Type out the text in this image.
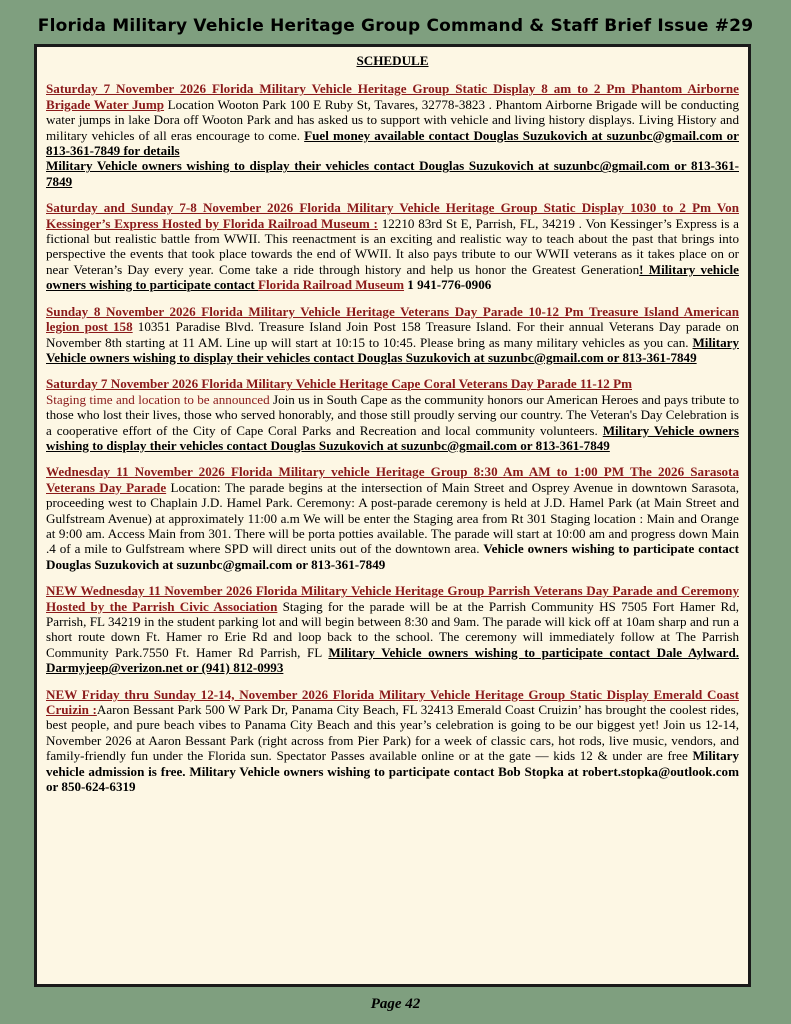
Florida Military Vehicle Heritage Group Command & Staff Brief Issue #29
SCHEDULE
Saturday 7 November 2026 Florida Military Vehicle Heritage Group Static Display 8 am to 2 Pm Phantom Airborne Brigade Water Jump Location Wooton Park 100 E Ruby St, Tavares, 32778-3823 . Phantom Airborne Brigade will be conducting water jumps in lake Dora off Wooton Park and has asked us to support with vehicle and living history displays. Living History and military vehicles of all eras encourage to come. Fuel money available contact Douglas Suzukovich at suzunbc@gmail.com or 813-361-7849 for details
Military Vehicle owners wishing to display their vehicles contact Douglas Suzukovich at suzunbc@gmail.com or 813-361-7849
Saturday and Sunday 7-8 November 2026 Florida Military Vehicle Heritage Group Static Display 1030 to 2 Pm Von Kessinger’s Express Hosted by Florida Railroad Museum : 12210 83rd St E, Parrish, FL, 34219 . Von Kessinger’s Express is a fictional but realistic battle from WWII. This reenactment is an exciting and realistic way to teach about the past that brings into perspective the events that took place towards the end of WWII. It also pays tribute to our WWII veterans as it takes place on or near Veteran’s Day every year. Come take a ride through history and help us honor the Greatest Generation! Military vehicle owners wishing to participate contact Florida Railroad Museum 1 941-776-0906
Sunday 8 November 2026 Florida Military Vehicle Heritage Veterans Day Parade 10-12 Pm Treasure Island American legion post 158 10351 Paradise Blvd. Treasure Island Join Post 158 Treasure Island. For their annual Veterans Day parade on November 8th starting at 11 AM. Line up will start at 10:15 to 10:45. Please bring as many military vehicles as you can. Military Vehicle owners wishing to display their vehicles contact Douglas Suzukovich at suzunbc@gmail.com or 813-361-7849
Saturday 7 November 2026 Florida Military Vehicle Heritage Cape Coral Veterans Day Parade 11-12 Pm
Staging time and location to be announced Join us in South Cape as the community honors our American Heroes and pays tribute to those who lost their lives, those who served honorably, and those still proudly serving our country. The Veteran's Day Celebration is a cooperative effort of the City of Cape Coral Parks and Recreation and local community volunteers. Military Vehicle owners wishing to display their vehicles contact Douglas Suzukovich at suzunbc@gmail.com or 813-361-7849
Wednesday 11 November 2026 Florida Military vehicle Heritage Group 8:30 Am AM to 1:00 PM The 2026 Sarasota Veterans Day Parade Location: The parade begins at the intersection of Main Street and Osprey Avenue in downtown Sarasota, proceeding west to Chaplain J.D. Hamel Park. Ceremony: A post-parade ceremony is held at J.D. Hamel Park (at Main Street and Gulfstream Avenue) at approximately 11:00 a.m We will be enter the Staging area from Rt 301 Staging location : Main and Orange at 9:00 am. Access Main from 301. There will be porta potties available. The parade will start at 10:00 am and progress down Main .4 of a mile to Gulfstream where SPD will direct units out of the downtown area. Vehicle owners wishing to participate contact Douglas Suzukovich at suzunbc@gmail.com or 813-361-7849
NEW Wednesday 11 November 2026 Florida Military Vehicle Heritage Group Parrish Veterans Day Parade and Ceremony Hosted by the Parrish Civic Association Staging for the parade will be at the Parrish Community HS 7505 Fort Hamer Rd, Parrish, FL 34219 in the student parking lot and will begin between 8:30 and 9am. The parade will kick off at 10am sharp and run a short route down Ft. Hamer ro Erie Rd and loop back to the school. The ceremony will immediately follow at The Parrish Community Park.7550 Ft. Hamer Rd Parrish, FL Military Vehicle owners wishing to participate contact Dale Aylward. Darmyjeep@verizon.net or (941) 812-0993
NEW Friday thru Sunday 12-14, November 2026 Florida Military Vehicle Heritage Group Static Display Emerald Coast Cruizin :Aaron Bessant Park 500 W Park Dr, Panama City Beach, FL 32413 Emerald Coast Cruizin’ has brought the coolest rides, best people, and pure beach vibes to Panama City Beach and this year’s celebration is going to be our biggest yet! Join us 12-14, November 2026 at Aaron Bessant Park (right across from Pier Park) for a week of classic cars, hot rods, live music, vendors, and family-friendly fun under the Florida sun. Spectator Passes available online or at the gate — kids 12 & under are free Military vehicle admission is free. Military Vehicle owners wishing to participate contact Bob Stopka at robert.stopka@outlook.com or 850-624-6319
Page 42
